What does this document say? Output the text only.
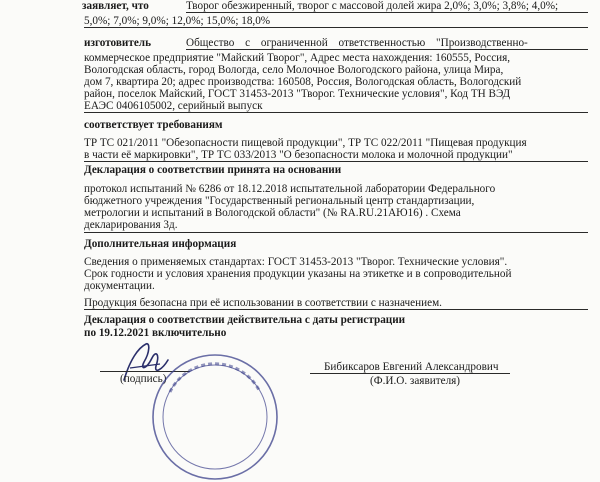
заявляет, что	Творог обезжиренный, творог с массовой долей жира 2,0%; 3,0%; 3,8%; 4,0%;
5,0%; 7,0%; 9,0%; 12,0%; 15,0%; 18,0%
изготовитель	Общество с ограниченной ответственностью "Производственно-
коммерческое предприятие "Майский Творог", Адрес места нахождения: 160555, Россия,
Вологодская область, город Вологда, село Молочное Вологодского района, улица Мира,
дом 7, квартира 20; адрес производства: 160508, Россия, Вологодская область, Вологодский
район, поселок Майский, ГОСТ 31453-2013 "Творог. Технические условия", Код ТН ВЭД
ЕАЭС 0406105002, серийный выпуск
соответствует требованиям
ТР ТС 021/2011 "Обезопасности пищевой продукции", ТР ТС 022/2011 "Пищевая продукция
в части её маркировки", ТР ТС 033/2013 "О безопасности молока и молочной продукции"
Декларация о соответствии принята на основании
протокол испытаний № 6286 от 18.12.2018 испытательной лаборатории Федерального
бюджетного учреждения "Государственный региональный центр стандартизации,
метрологии и испытаний в Вологодской области" (№ RA.RU.21АЮ16) . Схема
декларирования 3д.
Дополнительная информация
Сведения о применяемых стандартах: ГОСТ 31453-2013 "Творог. Технические условия".
Срок годности и условия хранения продукции указаны на этикетке и в сопроводительной
документации.
Продукция безопасна при её использовании в соответствии с назначением.
Декларация о соответствии действительна с даты регистрации
по 19.12.2021 включительно
(подпись)
Бибиксаров Евгений Александрович
(Ф.И.О. заявителя)
